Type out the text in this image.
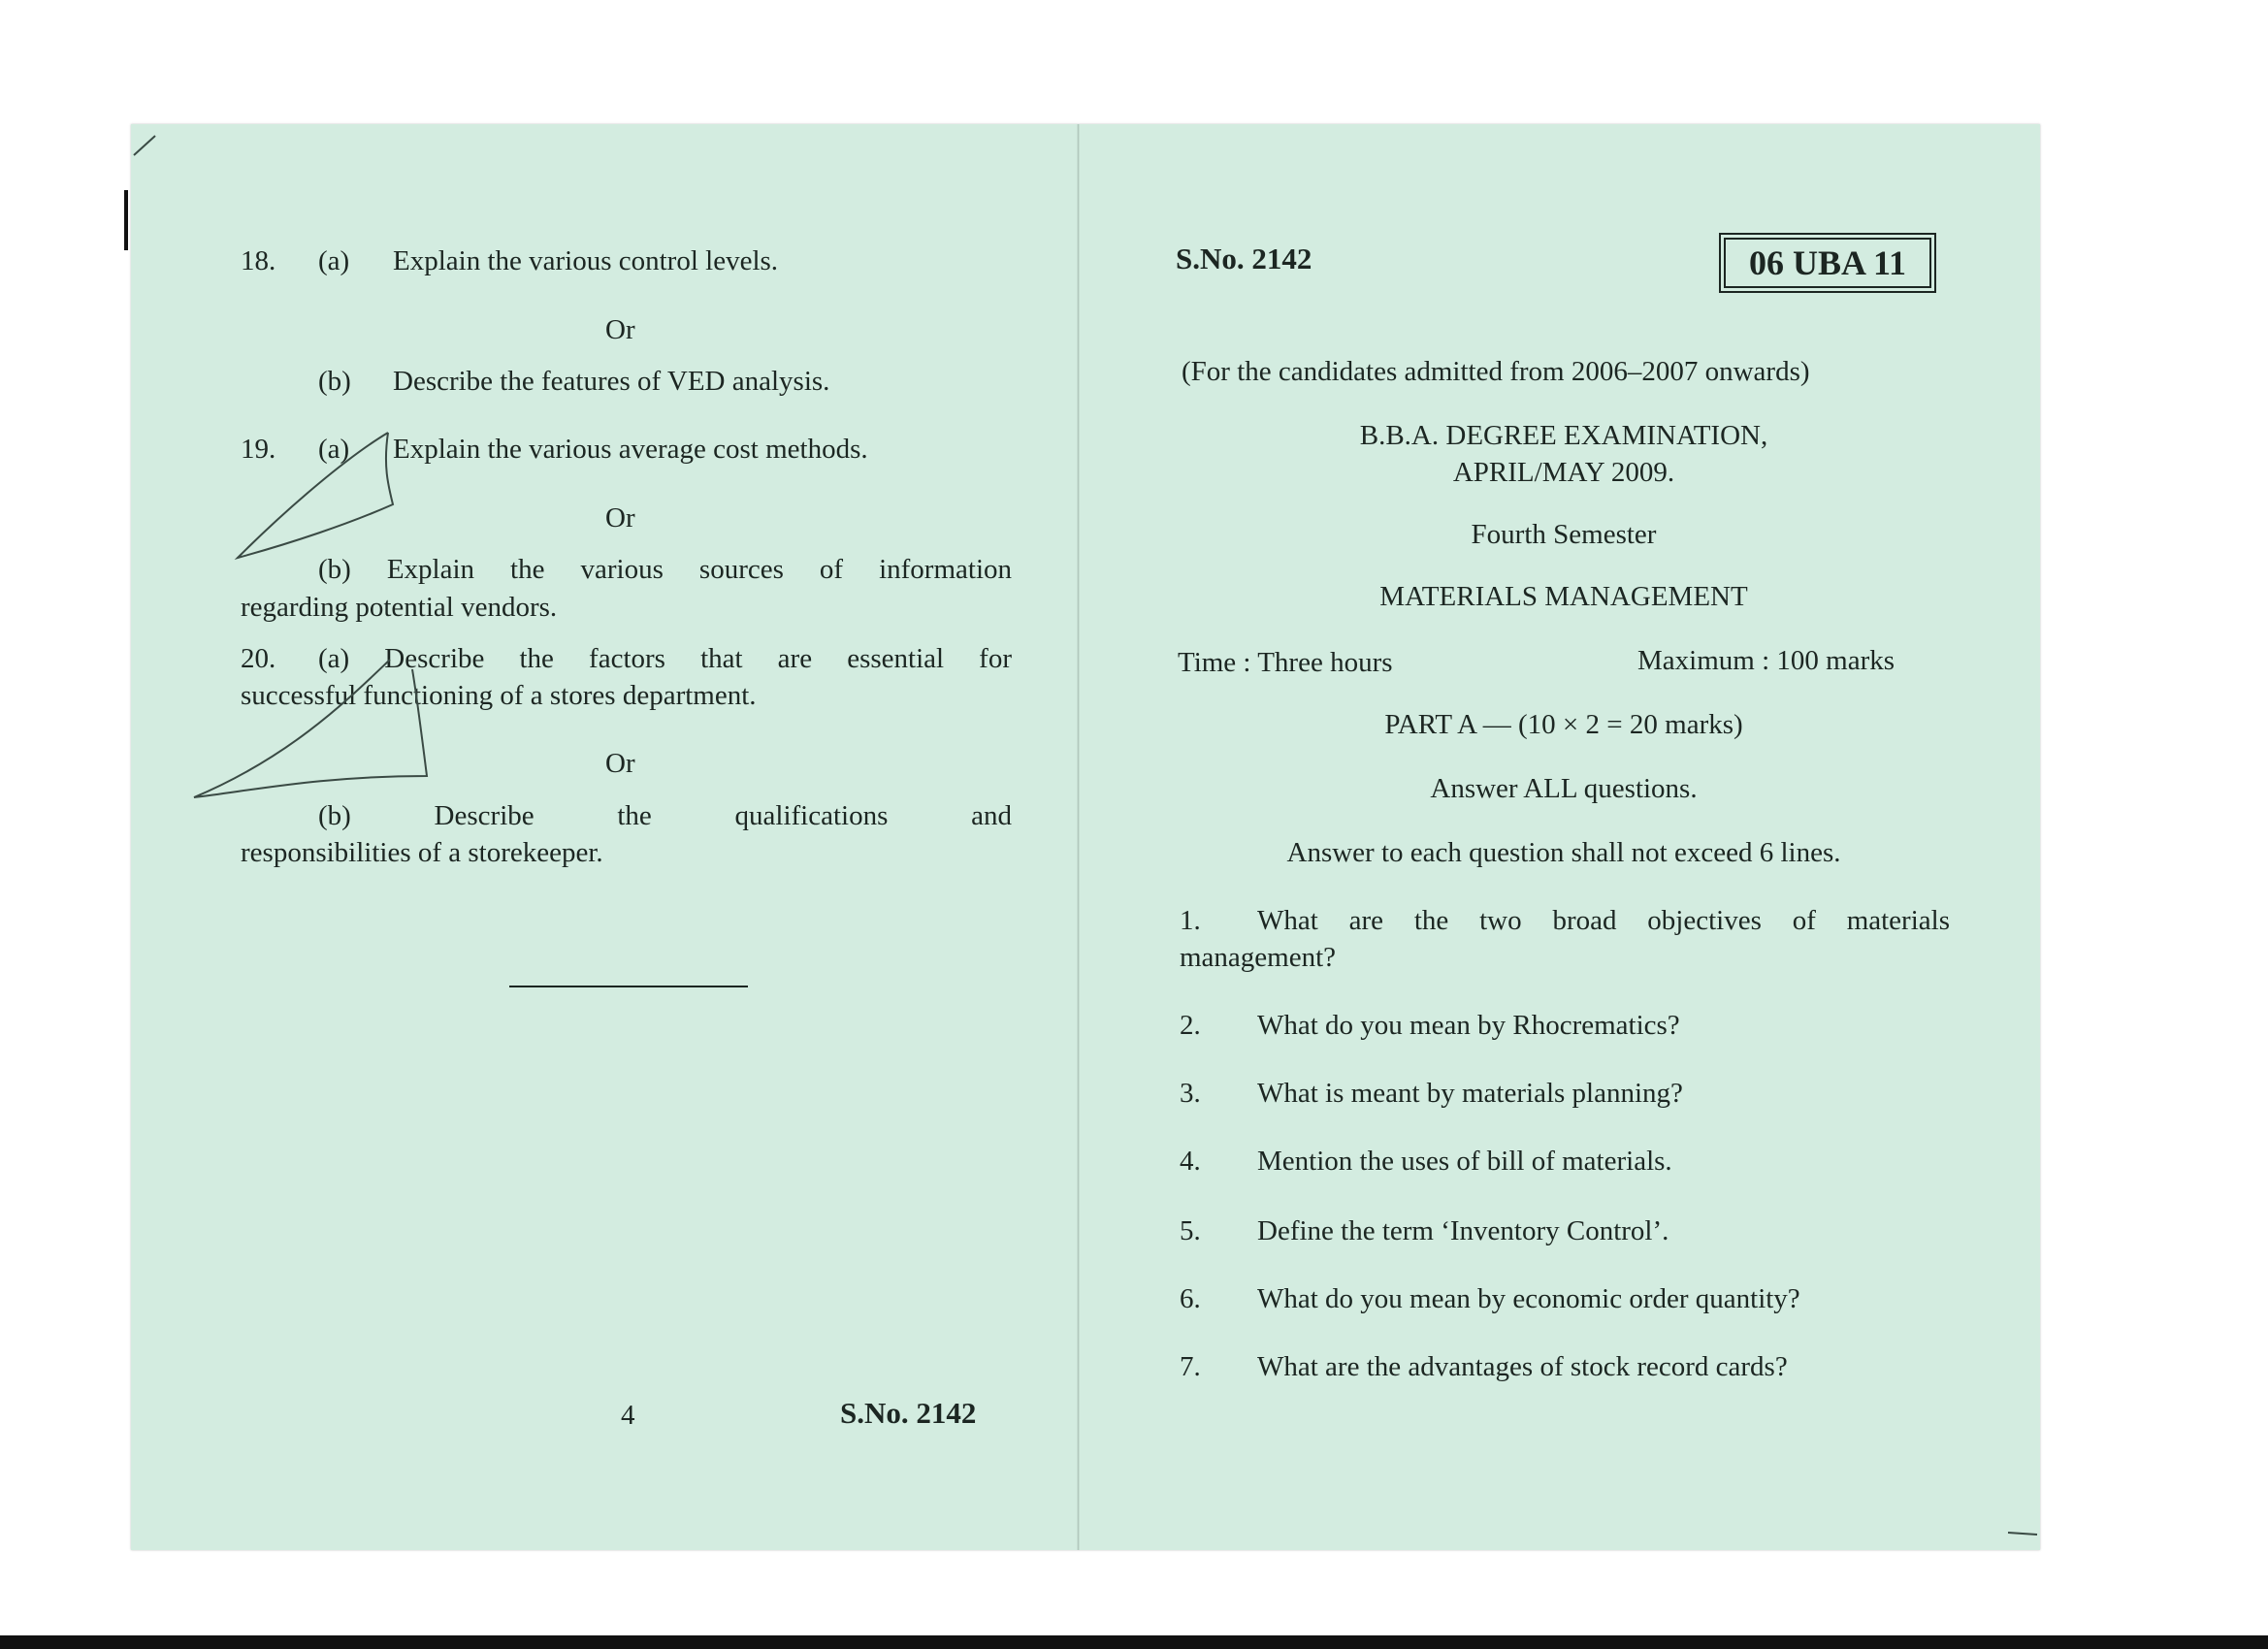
18. (a) Explain the various control levels.
Or
(b) Describe the features of VED analysis.
19. (a) Explain the various average cost methods.
Or
(b) Explain the various sources of information
regarding potential vendors.
20. (a) Describe the factors that are essential for
successful functioning of a stores department.
Or
(b) Describe the qualifications and
responsibilities of a storekeeper.
4	S.No. 2142
S.No. 2142	06 UBA 11
(For the candidates admitted from 2006–2007 onwards)
B.B.A. DEGREE EXAMINATION,
APRIL/MAY 2009.
Fourth Semester
MATERIALS MANAGEMENT
Time : Three hours	Maximum : 100 marks
PART A — (10 × 2 = 20 marks)
Answer ALL questions.
Answer to each question shall not exceed 6 lines.
1. What are the two broad objectives of materials
management?
2. What do you mean by Rhocrematics?
3. What is meant by materials planning?
4. Mention the uses of bill of materials.
5. Define the term ‘Inventory Control’.
6. What do you mean by economic order quantity?
7. What are the advantages of stock record cards?
